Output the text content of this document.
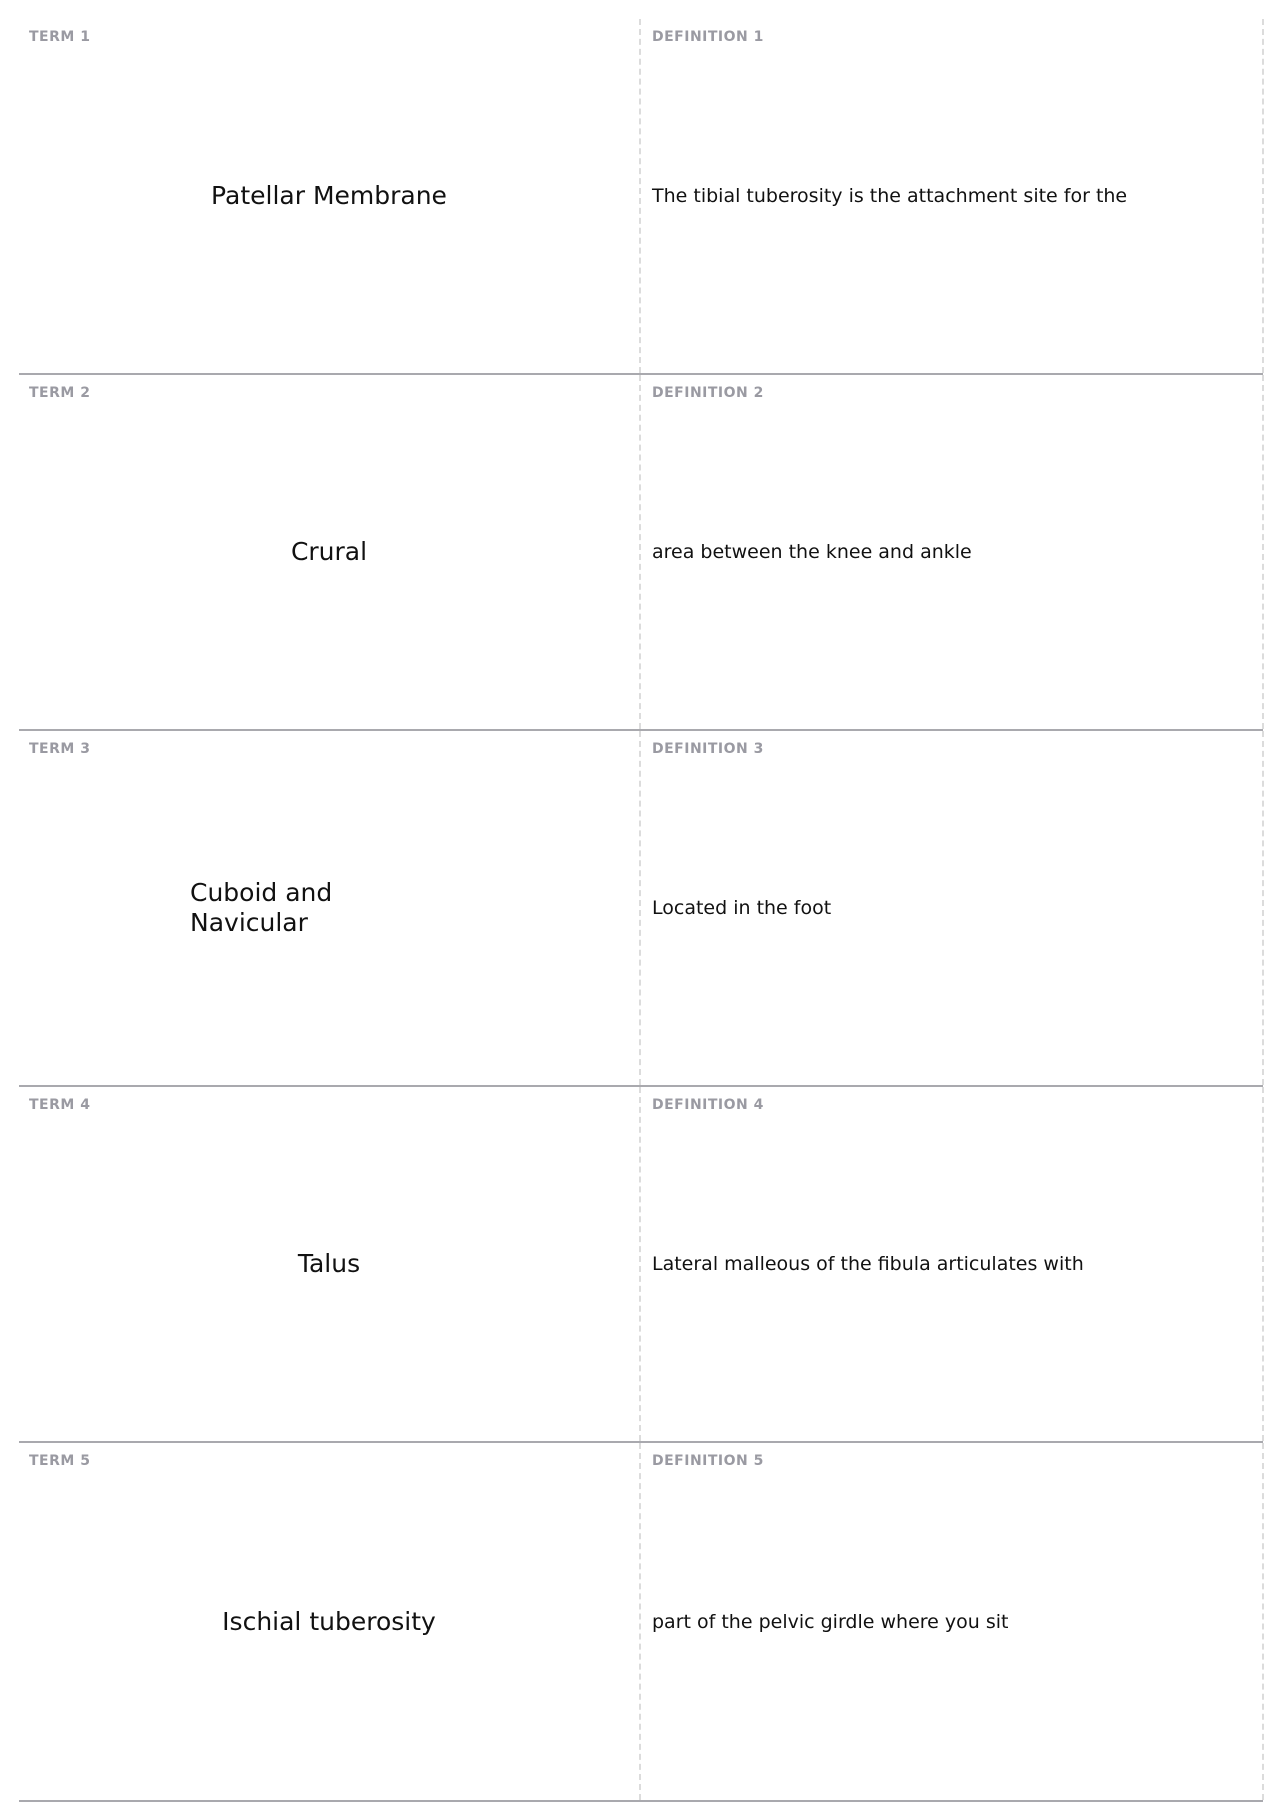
TERM 1
Patellar Membrane
DEFINITION 1
The tibial tuberosity is the attachment site for the
TERM 2
Crural
DEFINITION 2
area between the knee and ankle
TERM 3
Cuboid and Navicular
DEFINITION 3
Located in the foot
TERM 4
Talus
DEFINITION 4
Lateral malleous of the fibula articulates with
TERM 5
Ischial tuberosity
DEFINITION 5
part of the pelvic girdle where you sit
